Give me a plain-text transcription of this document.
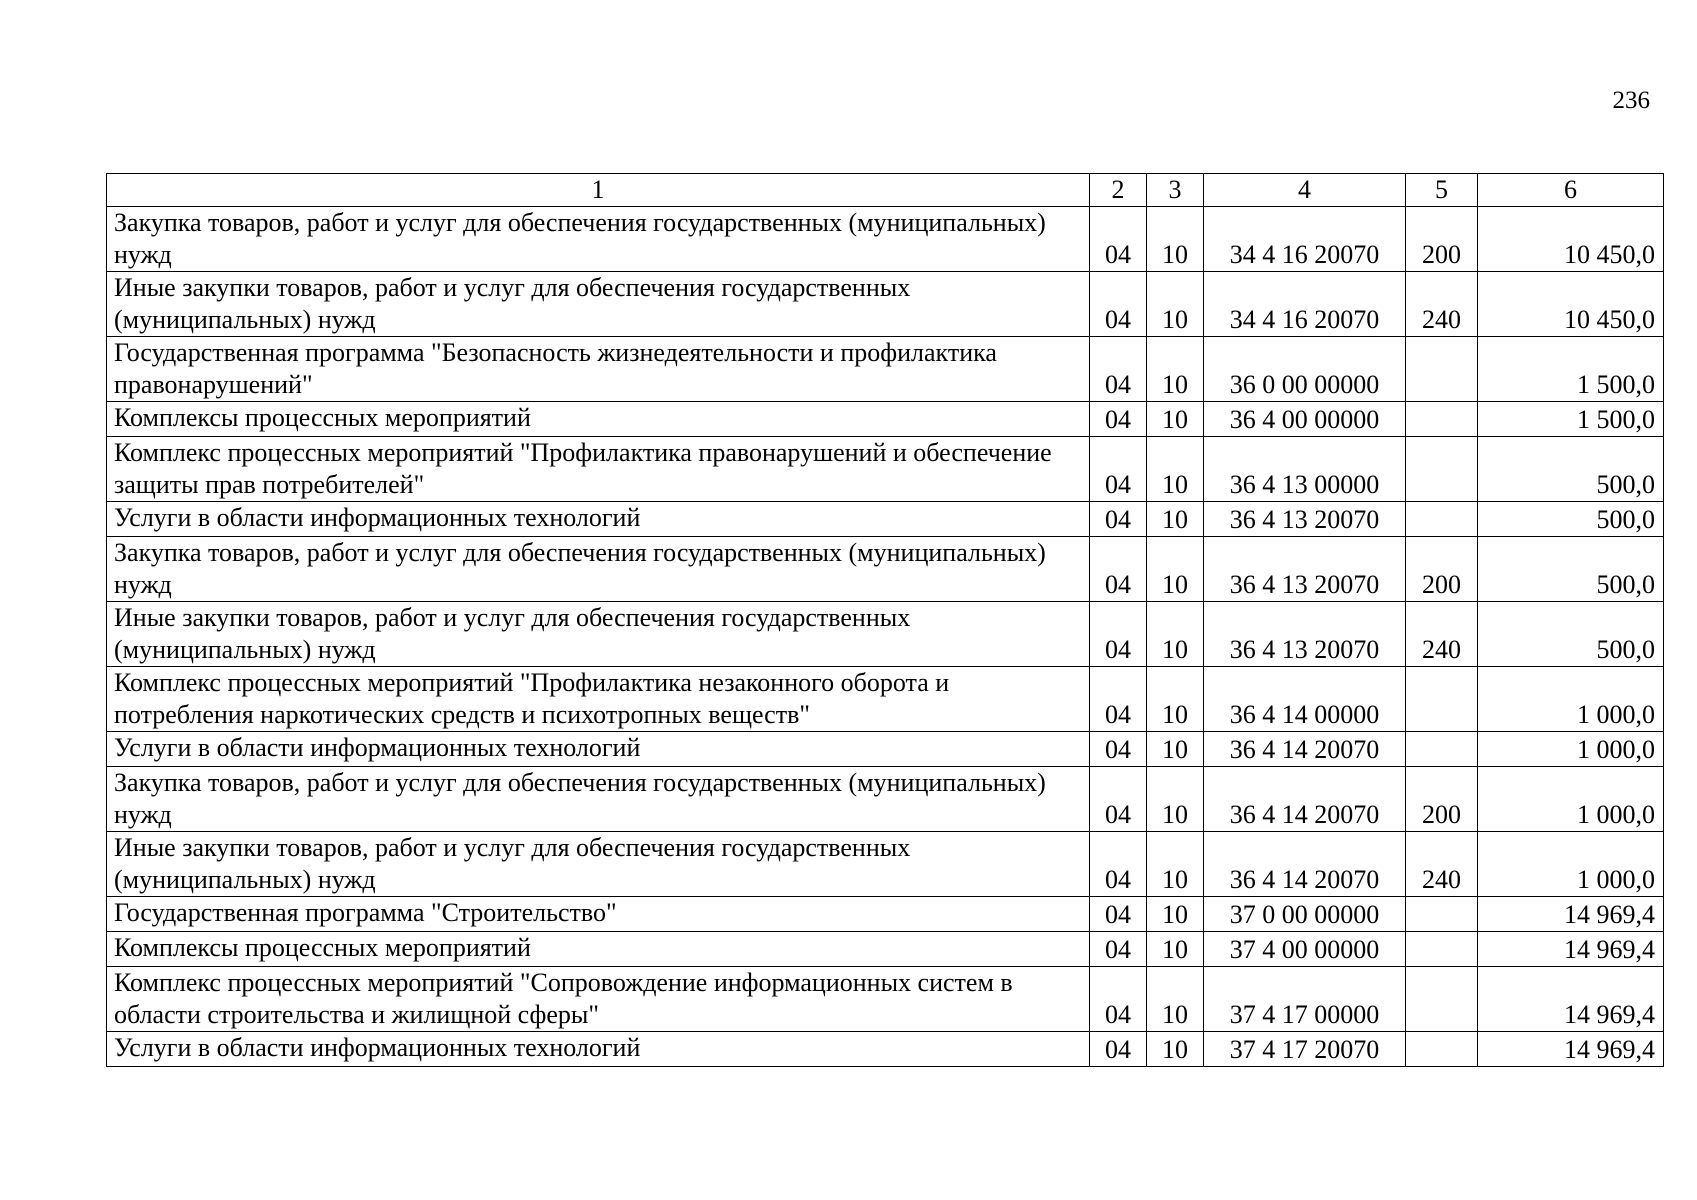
236
1	2	3	4	5	6
Закупка товаров, работ и услуг для обеспечения государственных (муниципальных) нужд	04	10	34 4 16 20070	200	10 450,0
Иные закупки товаров, работ и услуг для обеспечения государственных (муниципальных) нужд	04	10	34 4 16 20070	240	10 450,0
Государственная программа "Безопасность жизнедеятельности и профилактика правонарушений"	04	10	36 0 00 00000		1 500,0
Комплексы процессных мероприятий	04	10	36 4 00 00000		1 500,0
Комплекс процессных мероприятий "Профилактика правонарушений и обеспечение защиты прав потребителей"	04	10	36 4 13 00000		500,0
Услуги в области информационных технологий	04	10	36 4 13 20070		500,0
Закупка товаров, работ и услуг для обеспечения государственных (муниципальных) нужд	04	10	36 4 13 20070	200	500,0
Иные закупки товаров, работ и услуг для обеспечения государственных (муниципальных) нужд	04	10	36 4 13 20070	240	500,0
Комплекс процессных мероприятий "Профилактика незаконного оборота и потребления наркотических средств и психотропных веществ"	04	10	36 4 14 00000		1 000,0
Услуги в области информационных технологий	04	10	36 4 14 20070		1 000,0
Закупка товаров, работ и услуг для обеспечения государственных (муниципальных) нужд	04	10	36 4 14 20070	200	1 000,0
Иные закупки товаров, работ и услуг для обеспечения государственных (муниципальных) нужд	04	10	36 4 14 20070	240	1 000,0
Государственная программа "Строительство"	04	10	37 0 00 00000		14 969,4
Комплексы процессных мероприятий	04	10	37 4 00 00000		14 969,4
Комплекс процессных мероприятий "Сопровождение информационных систем в области строительства и жилищной сферы"	04	10	37 4 17 00000		14 969,4
Услуги в области информационных технологий	04	10	37 4 17 20070		14 969,4
